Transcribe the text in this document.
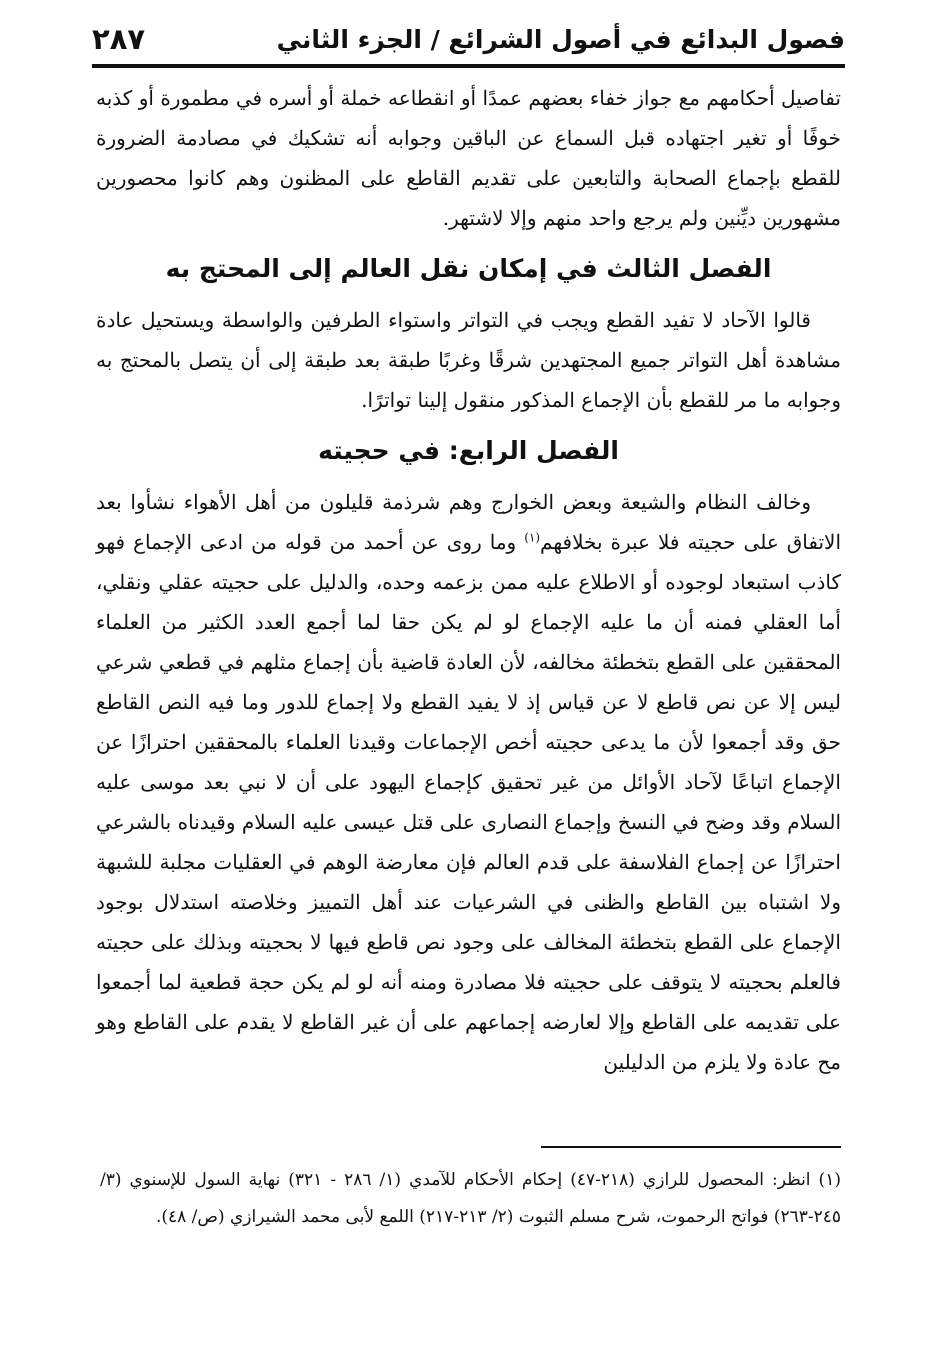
فصول البدائع في أصول الشرائع / الجزء الثاني
٢٨٧

تفاصيل أحكامهم مع جواز خفاء بعضهم عمدًا أو انقطاعه خملة أو أسره في مطمورة أو كذبه خوفًا أو تغير اجتهاده قبل السماع عن الباقين وجوابه أنه تشكيك في مصادمة الضرورة للقطع بإجماع الصحابة والتابعين على تقديم القاطع على المظنون وهم كانوا محصورين مشهورين ديِّنين ولم يرجع واحد منهم وإلا لاشتهر.

الفصل الثالث في إمكان نقل العالم إلى المحتج به

قالوا الآحاد لا تفيد القطع ويجب في التواتر واستواء الطرفين والواسطة ويستحيل عادة مشاهدة أهل التواتر جميع المجتهدين شرقًا وغربًا طبقة بعد طبقة إلى أن يتصل بالمحتج به وجوابه ما مر للقطع بأن الإجماع المذكور منقول إلينا تواترًا.

الفصل الرابع: في حجيته

وخالف النظام والشيعة وبعض الخوارج وهم شرذمة قليلون من أهل الأهواء نشأوا بعد الاتفاق على حجيته فلا عبرة بخلافهم$^{(١)}$ وما روى عن أحمد من قوله من ادعى الإجماع فهو كاذب استبعاد لوجوده أو الاطلاع عليه ممن بزعمه وحده، والدليل على حجيته عقلي ونقلي، أما العقلي فمنه أن ما عليه الإجماع لو لم يكن حقا لما أجمع العدد الكثير من العلماء المحققين على القطع بتخطئة مخالفه، لأن العادة قاضية بأن إجماع مثلهم في قطعي شرعي ليس إلا عن نص قاطع لا عن قياس إذ لا يفيد القطع ولا إجماع للدور وما فيه النص القاطع حق وقد أجمعوا لأن ما يدعى حجيته أخص الإجماعات وقيدنا العلماء بالمحققين احترازًا عن الإجماع اتباعًا لآحاد الأوائل من غير تحقيق كإجماع اليهود على أن لا نبي بعد موسى عليه السلام وقد وضح في النسخ وإجماع النصارى على قتل عيسى عليه السلام وقيدناه بالشرعي احترازًا عن إجماع الفلاسفة على قدم العالم فإن معارضة الوهم في العقليات مجلبة للشبهة ولا اشتباه بين القاطع والظنى في الشرعيات عند أهل التمييز وخلاصته استدلال بوجود الإجماع على القطع بتخطئة المخالف على وجود نص قاطع فيها لا بحجيته وبذلك على حجيته فالعلم بحجيته لا يتوقف على حجيته فلا مصادرة ومنه أنه لو لم يكن حجة قطعية لما أجمعوا على تقديمه على القاطع وإلا لعارضه إجماعهم على أن غير القاطع لا يقدم على القاطع وهو مح عادة ولا يلزم من الدليلين

(١) انظر: المحصول للرازي (٢١٨-٤٧) إحكام الأحكام للآمدي (١/ ٢٨٦ - ٣٢١) نهاية السول للإسنوي (٣/ ٢٤٥-٢٦٣) فواتح الرحموت، شرح مسلم الثبوت (٢/ ٢١٣-٢١٧) اللمع لأبى محمد الشيرازي (ص/ ٤٨).
